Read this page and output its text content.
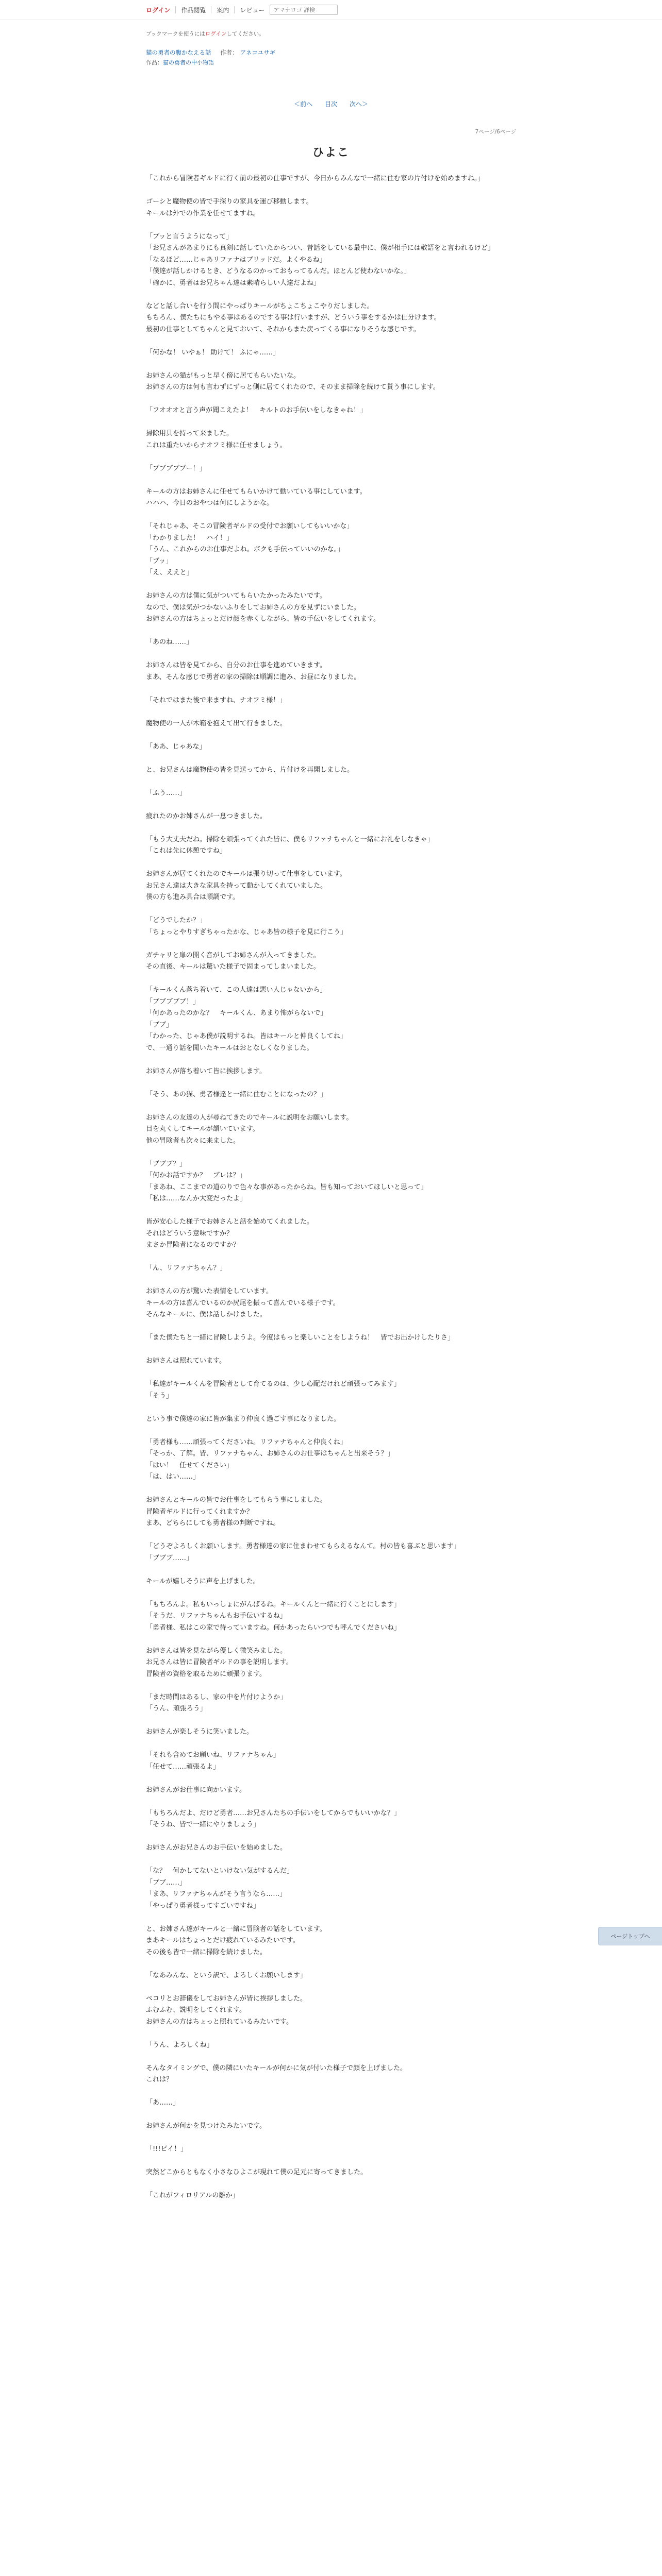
ログイン 作品閲覧 案内 レビュー
アマナロゴ 詳検
ブックマークを使うにはログインしてください。
猫の勇者の腹かなえる話 作者： アネコユサギ
作品：猫の勇者の中小物語
＜前へ 目次 次へ＞
7ページ/6ページ
ひよこ

「これから冒険者ギルドに行く前の最初の仕事ですが、今日からみんなで一緒に住む家の片付けを始めますね。」

ゴーシと魔物使の皆で手探りの家具を運び移動します。

キールは外での作業を任せてますね。

「ブッと言うようになって」

「お兄さんがあまりにも真剣に話していたからつい、昔話をしている最中に、僕が相手には敬語をと言われるけど」

「なるほど……じゃあリファナはブリッドだ。よくやるね」

「僕達が話しかけるとき、どうなるのかっておもってるんだ。ほとんど使わないかな。」

「確かに、勇者はお兄ちゃん達は素晴らしい人達だよね」

などと話し合いを行う間にやっぱりキールがちょこちょこやりだしました。

もちろん、僕たちにもやる事はあるのでする事は行いますが、どういう事をするかは仕分けます。

最初の仕事としてちゃんと見ておいて、それからまた戻ってくる事になりそうな感じです。

「何かな！ いやぁ！ 助けて！ ふにゃ……」

お姉さんの猫がもっと早く傍に居てもらいたいな。

お姉さんの方は何も言わずにずっと側に居てくれたので、そのまま掃除を続けて貰う事にします。

「フオオオと言う声が聞こえたよ！　キルトのお手伝いをしなきゃね！」

掃除用具を持って来ました。

これは重たいからナオフミ様に任せましょう。

「ブブブブブー！」

キールの方はお姉さんに任せてもらいかけて動いている事にしています。

ハハハ、今日のおやつは何にしようかな。

「それじゃあ、そこの冒険者ギルドの受付でお願いしてもいいかな」

「わかりました！　ハイ！」

「うん、これからのお仕事だよね。ボクも手伝っていいのかな。」

「ブッ」

「え、ええと」

お姉さんの方は僕に気がついてもらいたかったみたいです。

なので、僕は気がつかないふりをしてお姉さんの方を見ずにいました。

お姉さんの方はちょっとだけ顔を赤くしながら、皆の手伝いをしてくれます。

「あのね……」

お姉さんは皆を見てから、自分のお仕事を進めていきます。

まあ、そんな感じで勇者の家の掃除は順調に進み、お昼になりました。

「それではまた後で来ますね、ナオフミ様！」

魔物使の一人が木箱を抱えて出て行きました。

「ああ、じゃあな」

と、お兄さんは魔物使の皆を見送ってから、片付けを再開しました。

「ふう……」

疲れたのかお姉さんが一息つきました。

「もう大丈夫だね。掃除を頑張ってくれた皆に、僕もリファナちゃんと一緒にお礼をしなきゃ」

「これは先に休憩ですね」

お姉さんが居てくれたのでキールは張り切って仕事をしています。

お兄さん達は大きな家具を持って動かしてくれていました。

僕の方も進み具合は順調です。

「どうでしたか？」

「ちょっとやりすぎちゃったかな、じゃあ皆の様子を見に行こう」

ガチャリと扉の開く音がしてお姉さんが入ってきました。

その直後、キールは驚いた様子で固まってしまいました。

「キールくん落ち着いて、この人達は悪い人じゃないから」

「ブブブブブ！」

「何かあったのかな？　キールくん、あまり怖がらないで」

「ブブ」

「わかった、じゃあ僕が説明するね。皆はキールと仲良くしてね」

で、一通り話を聞いたキールはおとなしくなりました。

お姉さんが落ち着いて皆に挨拶します。

「そう、あの猫、勇者様達と一緒に住むことになったの？」

お姉さんの友達の人が尋ねてきたのでキールに説明をお願いします。

目を丸くしてキールが頷いています。

他の冒険者も次々に来ました。

「ブブブ？」

「何かお話ですか？　ブレは？」

「まあね、ここまでの道のりで色々な事があったからね。皆も知っておいてほしいと思って」

「私は……なんか大変だったよ」

皆が安心した様子でお姉さんと話を始めてくれました。

それはどういう意味ですか？

まさか冒険者になるのですか？

「ん、リファナちゃん？」

お姉さんの方が驚いた表情をしています。

キールの方は喜んでいるのか尻尾を振って喜んでいる様子です。

そんなキールに、僕は話しかけました。

「また僕たちと一緒に冒険しようよ。今度はもっと楽しいことをしようね！　皆でお出かけしたりさ」

お姉さんは照れています。

「私達がキールくんを冒険者として育てるのは、少し心配だけれど頑張ってみます」

「そう」

という事で僕達の家に皆が集まり仲良く過ごす事になりました。

「勇者様も……頑張ってくださいね。リファナちゃんと仲良くね」

「そっか、了解。皆、リファナちゃん、お姉さんのお仕事はちゃんと出来そう？」

「はい！　任せてください」

「は、はい……」

お姉さんとキールの皆でお仕事をしてもらう事にしました。

冒険者ギルドに行ってくれますか？

まあ、どちらにしても勇者様の判断ですね。

「どうぞよろしくお願いします。勇者様達の家に住まわせてもらえるなんて。村の皆も喜ぶと思います」

「ブブブ……」

キールが嬉しそうに声を上げました。

「もちろんよ。私もいっしょにがんばるね。キールくんと一緒に行くことにします」

「そうだ、リファナちゃんもお手伝いするね」

「勇者様、私はこの家で待っていますね。何かあったらいつでも呼んでくださいね」

お姉さんは皆を見ながら優しく微笑みました。

お兄さんは皆に冒険者ギルドの事を説明します。

冒険者の資格を取るために頑張ります。

「まだ時間はあるし、家の中を片付けようか」

「うん、頑張ろう」

お姉さんが楽しそうに笑いました。

「それも含めてお願いね、リファナちゃん」

「任せて……頑張るよ」

お姉さんがお仕事に向かいます。

「もちろんだよ、だけど勇者……お兄さんたちの手伝いをしてからでもいいかな？」

「そうね、皆で一緒にやりましょう」

お姉さんがお兄さんのお手伝いを始めました。

「な？　何かしてないといけない気がするんだ」

「ブブ……」

「まあ、リファナちゃんがそう言うなら……」

「やっぱり勇者様ってすごいですね」

と、お姉さん達がキールと一緒に冒険者の話をしています。

まあキールはちょっとだけ疲れているみたいです。

その後も皆で一緒に掃除を続けました。

「なあみんな、という訳で、よろしくお願いします」

ペコリとお辞儀をしてお姉さんが皆に挨拶しました。

ふむふむ、説明をしてくれます。

お姉さんの方はちょっと照れているみたいです。

「うん、よろしくね」

そんなタイミングで、僕の隣にいたキールが何かに気が付いた様子で顔を上げました。

これは？

「あ……」

お姉さんが何かを見つけたみたいです。

「!!!ピイ！」

突然どこからともなく小さなひよこが現れて僕の足元に寄ってきました。

「これがフィロリアルの雛か」

ページトップへ
